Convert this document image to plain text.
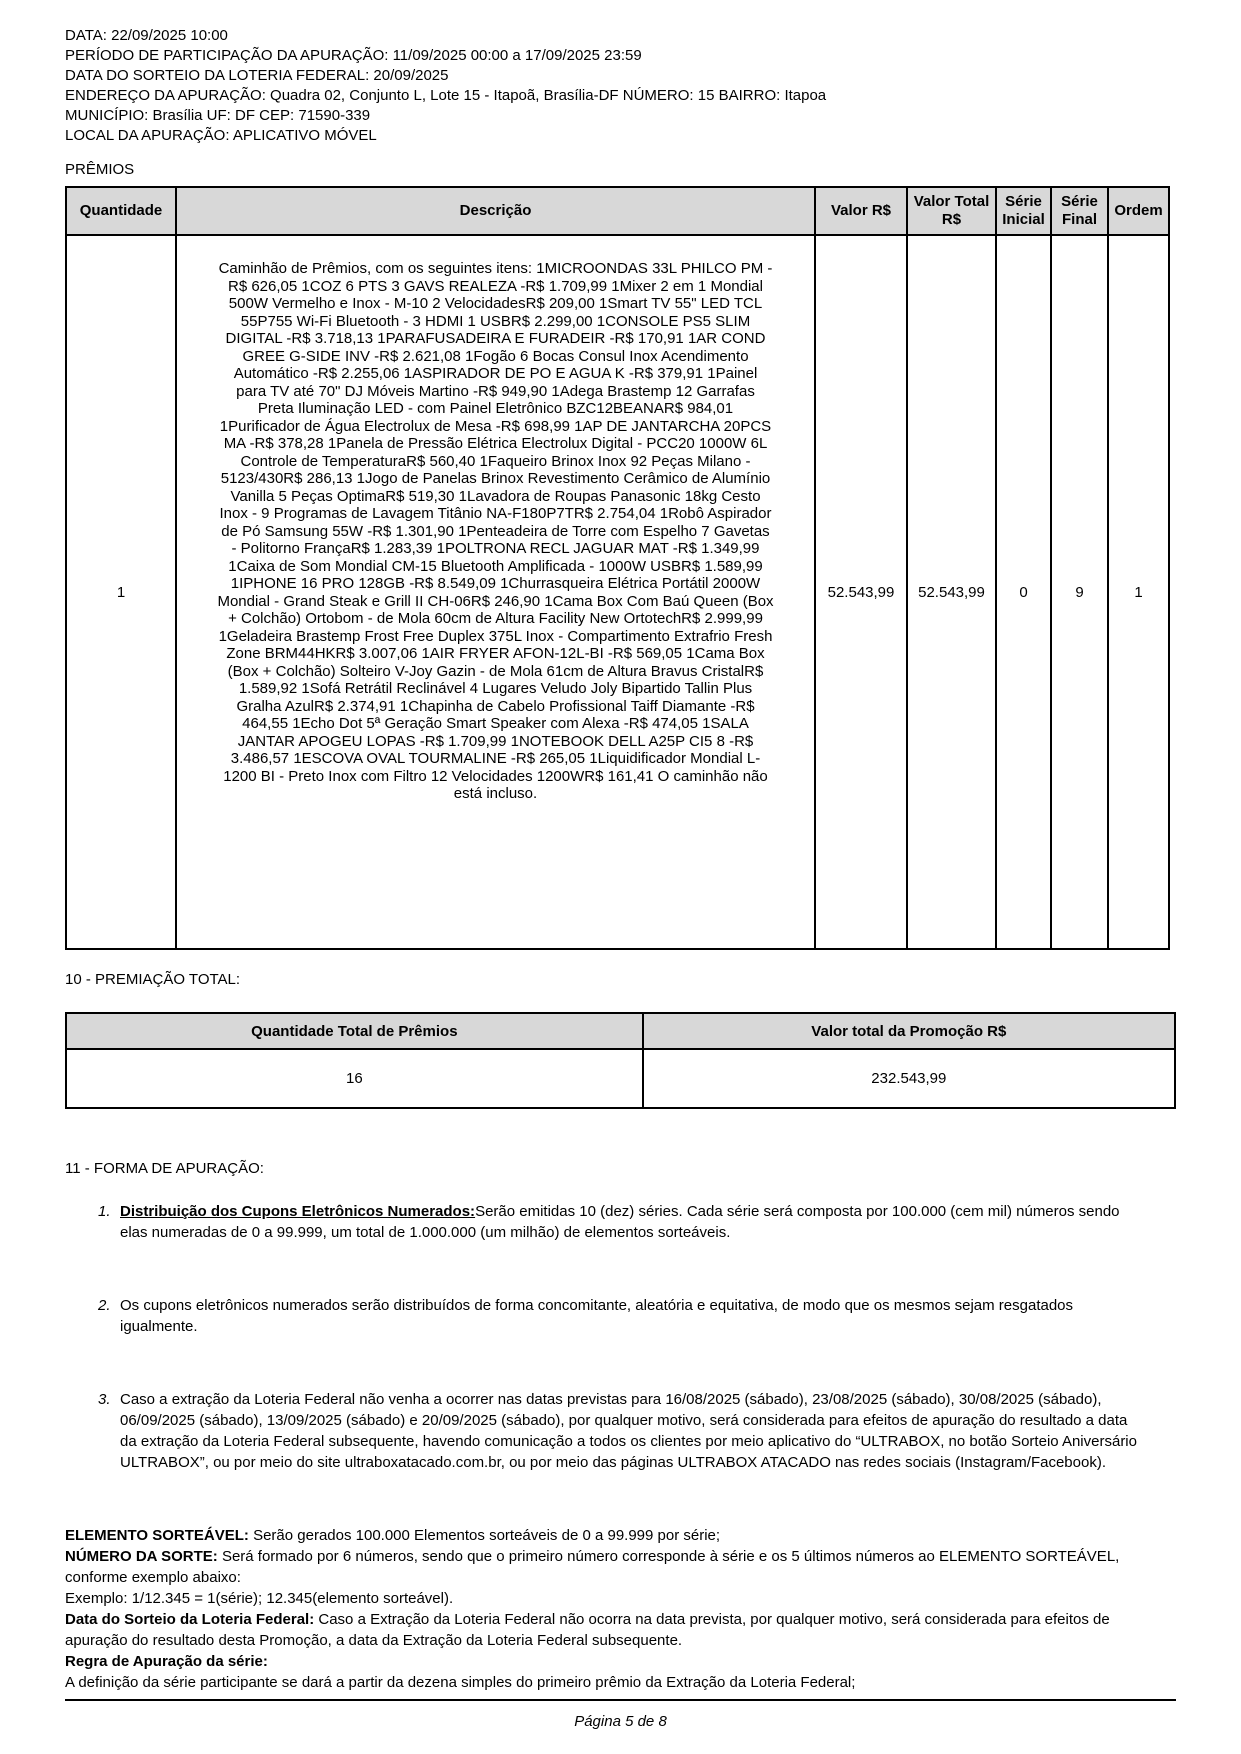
DATA: 22/09/2025 10:00
PERÍODO DE PARTICIPAÇÃO DA APURAÇÃO: 11/09/2025 00:00 a 17/09/2025 23:59
DATA DO SORTEIO DA LOTERIA FEDERAL: 20/09/2025
ENDEREÇO DA APURAÇÃO: Quadra 02, Conjunto L, Lote 15 - Itapoã, Brasília-DF NÚMERO: 15 BAIRRO: Itapoa
MUNICÍPIO: Brasília UF: DF CEP: 71590-339
LOCAL DA APURAÇÃO: APLICATIVO MÓVEL
PRÊMIOS
Quantidade	Descrição	Valor R$	Valor Total R$	Série Inicial	Série Final	Ordem
1	Caminhão de Prêmios, com os seguintes itens: 1MICROONDAS 33L PHILCO PM -R$ 626,05 1COZ 6 PTS 3 GAVS REALEZA -R$ 1.709,99 1Mixer 2 em 1 Mondial 500W Vermelho e Inox - M-10 2 VelocidadesR$ 209,00 1Smart TV 55" LED TCL 55P755 Wi-Fi Bluetooth - 3 HDMI 1 USBR$ 2.299,00 1CONSOLE PS5 SLIM DIGITAL -R$ 3.718,13 1PARAFUSADEIRA E FURADEIR -R$ 170,91 1AR COND GREE G-SIDE INV -R$ 2.621,08 1Fogão 6 Bocas Consul Inox Acendimento Automático -R$ 2.255,06 1ASPIRADOR DE PO E AGUA K -R$ 379,91 1Painel para TV até 70" DJ Móveis Martino -R$ 949,90 1Adega Brastemp 12 Garrafas Preta Iluminação LED - com Painel Eletrônico BZC12BEANAR$ 984,01 1Purificador de Água Electrolux de Mesa -R$ 698,99 1AP DE JANTARCHA 20PCS MA -R$ 378,28 1Panela de Pressão Elétrica Electrolux Digital - PCC20 1000W 6L Controle de TemperaturaR$ 560,40 1Faqueiro Brinox Inox 92 Peças Milano - 5123/430R$ 286,13 1Jogo de Panelas Brinox Revestimento Cerâmico de Alumínio Vanilla 5 Peças OptimaR$ 519,30 1Lavadora de Roupas Panasonic 18kg Cesto Inox - 9 Programas de Lavagem Titânio NA-F180P7TR$ 2.754,04 1Robô Aspirador de Pó Samsung 55W -R$ 1.301,90 1Penteadeira de Torre com Espelho 7 Gavetas - Politorno FrançaR$ 1.283,39 1POLTRONA RECL JAGUAR MAT -R$ 1.349,99 1Caixa de Som Mondial CM-15 Bluetooth Amplificada - 1000W USBR$ 1.589,99 1IPHONE 16 PRO 128GB -R$ 8.549,09 1Churrasqueira Elétrica Portátil 2000W Mondial - Grand Steak e Grill II CH-06R$ 246,90 1Cama Box Com Baú Queen (Box + Colchão) Ortobom - de Mola 60cm de Altura Facility New OrtotechR$ 2.999,99 1Geladeira Brastemp Frost Free Duplex 375L Inox - Compartimento Extrafrio Fresh Zone BRM44HKR$ 3.007,06 1AIR FRYER AFON-12L-BI -R$ 569,05 1Cama Box (Box + Colchão) Solteiro V-Joy Gazin - de Mola 61cm de Altura Bravus CristalR$ 1.589,92 1Sofá Retrátil Reclinável 4 Lugares Veludo Joly Bipartido Tallin Plus Gralha AzulR$ 2.374,91 1Chapinha de Cabelo Profissional Taiff Diamante -R$ 464,55 1Echo Dot 5ª Geração Smart Speaker com Alexa -R$ 474,05 1SALA JANTAR APOGEU LOPAS -R$ 1.709,99 1NOTEBOOK DELL A25P CI5 8 -R$ 3.486,57 1ESCOVA OVAL TOURMALINE -R$ 265,05 1Liquidificador Mondial L-1200 BI - Preto Inox com Filtro 12 Velocidades 1200WR$ 161,41 O caminhão não está incluso.	52.543,99	52.543,99	0	9	1
10 - PREMIAÇÃO TOTAL:
Quantidade Total de Prêmios	Valor total da Promoção R$
16	232.543,99
11 - FORMA DE APURAÇÃO:
1. Distribuição dos Cupons Eletrônicos Numerados:Serão emitidas 10 (dez) séries. Cada série será composta por 100.000 (cem mil) números sendo elas numeradas de 0 a 99.999, um total de 1.000.000 (um milhão) de elementos sorteáveis.
2. Os cupons eletrônicos numerados serão distribuídos de forma concomitante, aleatória e equitativa, de modo que os mesmos sejam resgatados igualmente.
3. Caso a extração da Loteria Federal não venha a ocorrer nas datas previstas para 16/08/2025 (sábado), 23/08/2025 (sábado), 30/08/2025 (sábado), 06/09/2025 (sábado), 13/09/2025 (sábado) e 20/09/2025 (sábado), por qualquer motivo, será considerada para efeitos de apuração do resultado a data da extração da Loteria Federal subsequente, havendo comunicação a todos os clientes por meio aplicativo do “ULTRABOX, no botão Sorteio Aniversário ULTRABOX”, ou por meio do site ultraboxatacado.com.br, ou por meio das páginas ULTRABOX ATACADO nas redes sociais (Instagram/Facebook).

ELEMENTO SORTEÁVEL: Serão gerados 100.000 Elementos sorteáveis de 0 a 99.999 por série;

NÚMERO DA SORTE: Será formado por 6 números, sendo que o primeiro número corresponde à série e os 5 últimos números ao ELEMENTO SORTEÁVEL, conforme exemplo abaixo:

Exemplo: 1/12.345 = 1(série); 12.345(elemento sorteável).

Data do Sorteio da Loteria Federal: Caso a Extração da Loteria Federal não ocorra na data prevista, por qualquer motivo, será considerada para efeitos de apuração do resultado desta Promoção, a data da Extração da Loteria Federal subsequente.

Regra de Apuração da série:

A definição da série participante se dará a partir da dezena simples do primeiro prêmio da Extração da Loteria Federal;

Página 5 de 8
